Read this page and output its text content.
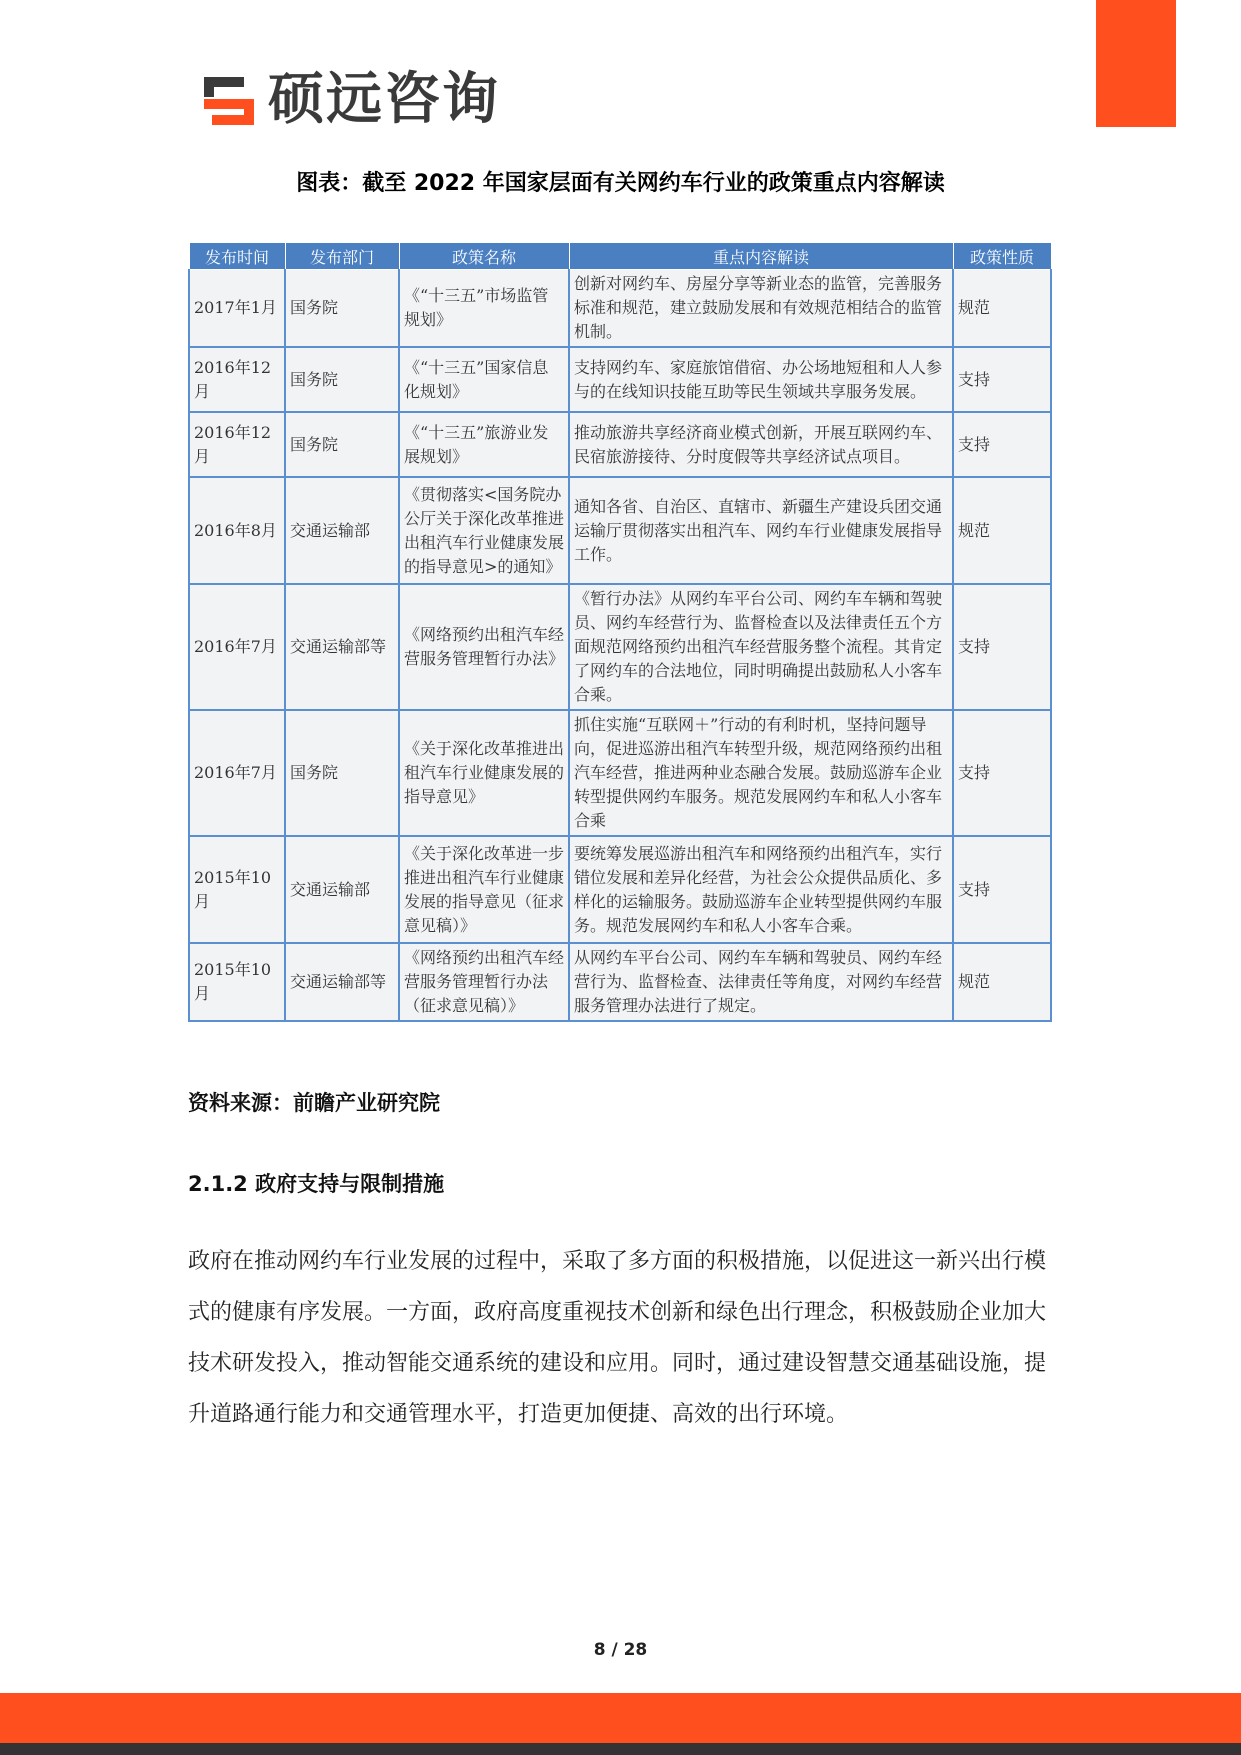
硕远咨询
图表：截至 2022 年国家层面有关网约车行业的政策重点内容解读
发布时间	发布部门	政策名称	重点内容解读	政策性质
2017年1月	国务院	《“十三五”市场监管规划》	创新对网约车、房屋分享等新业态的监管，完善服务标准和规范，建立鼓励发展和有效规范相结合的监管机制。	规范
2016年12月	国务院	《“十三五”国家信息化规划》	支持网约车、家庭旅馆借宿、办公场地短租和人人参与的在线知识技能互助等民生领域共享服务发展。	支持
2016年12月	国务院	《“十三五”旅游业发展规划》	推动旅游共享经济商业模式创新，开展互联网约车、民宿旅游接待、分时度假等共享经济试点项目。	支持
2016年8月	交通运输部	《贯彻落实<国务院办公厅关于深化改革推进出租汽车行业健康发展的指导意见>的通知》	通知各省、自治区、直辖市、新疆生产建设兵团交通运输厅贯彻落实出租汽车、网约车行业健康发展指导工作。	规范
2016年7月	交通运输部等	《网络预约出租汽车经营服务管理暂行办法》	《暂行办法》从网约车平台公司、网约车车辆和驾驶员、网约车经营行为、监督检查以及法律责任五个方面规范网络预约出租汽车经营服务整个流程。其肯定了网约车的合法地位，同时明确提出鼓励私人小客车合乘。	支持
2016年7月	国务院	《关于深化改革推进出租汽车行业健康发展的指导意见》	抓住实施“互联网＋”行动的有利时机，坚持问题导向，促进巡游出租汽车转型升级，规范网络预约出租汽车经营，推进两种业态融合发展。鼓励巡游车企业转型提供网约车服务。规范发展网约车和私人小客车合乘	支持
2015年10月	交通运输部	《关于深化改革进一步推进出租汽车行业健康发展的指导意见（征求意见稿）》	要统筹发展巡游出租汽车和网络预约出租汽车，实行错位发展和差异化经营，为社会公众提供品质化、多样化的运输服务。鼓励巡游车企业转型提供网约车服务。规范发展网约车和私人小客车合乘。	支持
2015年10月	交通运输部等	《网络预约出租汽车经营服务管理暂行办法（征求意见稿）》	从网约车平台公司、网约车车辆和驾驶员、网约车经营行为、监督检查、法律责任等角度，对网约车经营服务管理办法进行了规定。	规范
资料来源：前瞻产业研究院
2.1.2 政府支持与限制措施
政府在推动网约车行业发展的过程中，采取了多方面的积极措施，以促进这一新兴出行模式的健康有序发展。一方面，政府高度重视技术创新和绿色出行理念，积极鼓励企业加大技术研发投入，推动智能交通系统的建设和应用。同时，通过建设智慧交通基础设施，提升道路通行能力和交通管理水平，打造更加便捷、高效的出行环境。
8 / 28
